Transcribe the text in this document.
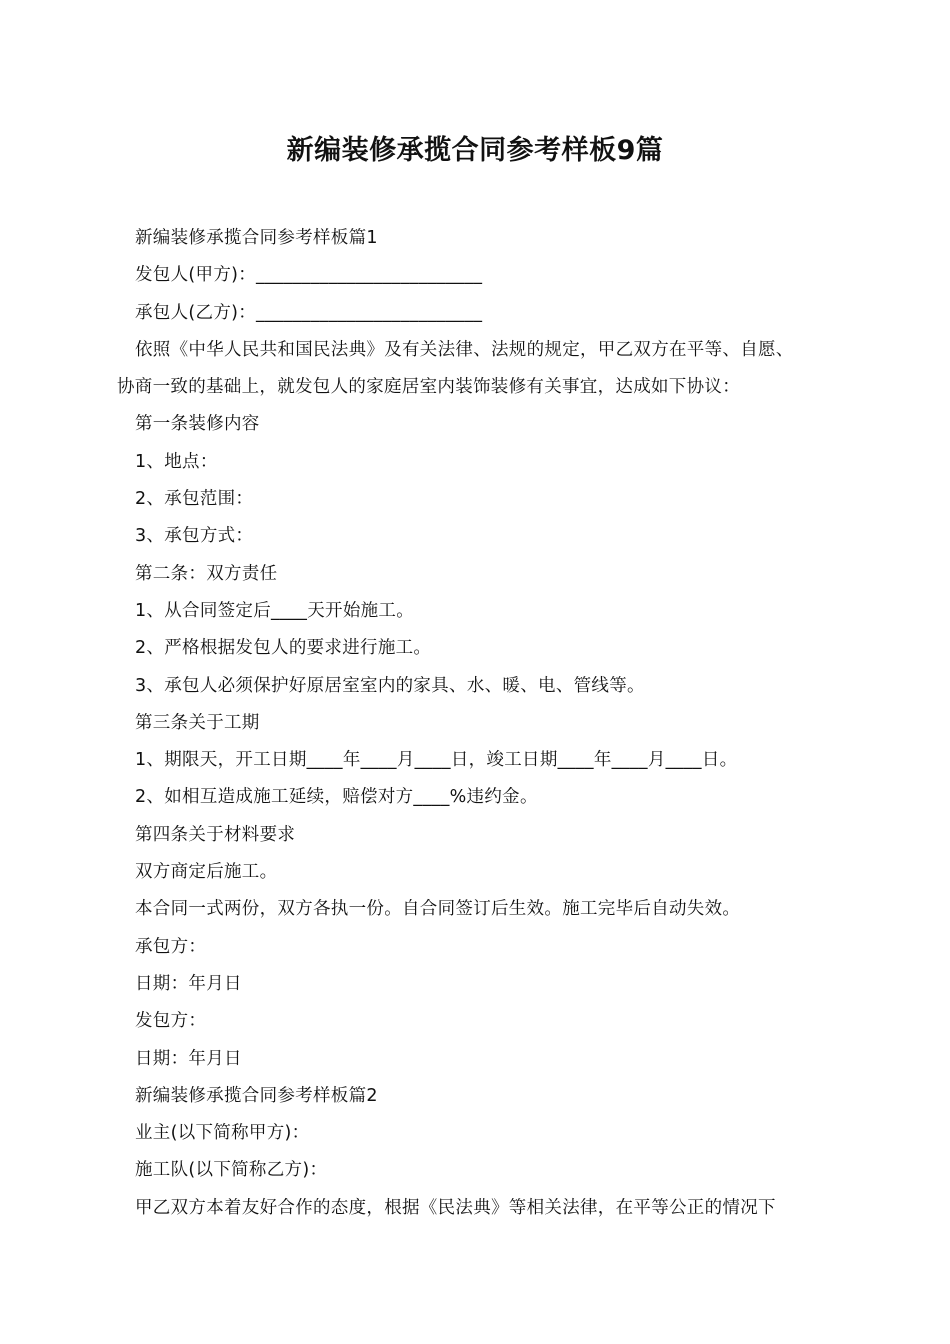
新编装修承揽合同参考样板9篇
新编装修承揽合同参考样板篇1
发包人(甲方)：_________________________
承包人(乙方)：_________________________
依照《中华人民共和国民法典》及有关法律、法规的规定，甲乙双方在平等、自愿、
协商一致的基础上，就发包人的家庭居室内装饰装修有关事宜，达成如下协议：
第一条装修内容
1、地点：
2、承包范围：
3、承包方式：
第二条：双方责任
1、从合同签定后____天开始施工。
2、严格根据发包人的要求进行施工。
3、承包人必须保护好原居室室内的家具、水、暖、电、管线等。
第三条关于工期
1、期限天，开工日期____年____月____日，竣工日期____年____月____日。
2、如相互造成施工延续，赔偿对方____%违约金。
第四条关于材料要求
双方商定后施工。
本合同一式两份，双方各执一份。自合同签订后生效。施工完毕后自动失效。
承包方：
日期：年月日
发包方：
日期：年月日
新编装修承揽合同参考样板篇2
业主(以下简称甲方)：
施工队(以下简称乙方)：
甲乙双方本着友好合作的态度，根据《民法典》等相关法律，在平等公正的情况下
